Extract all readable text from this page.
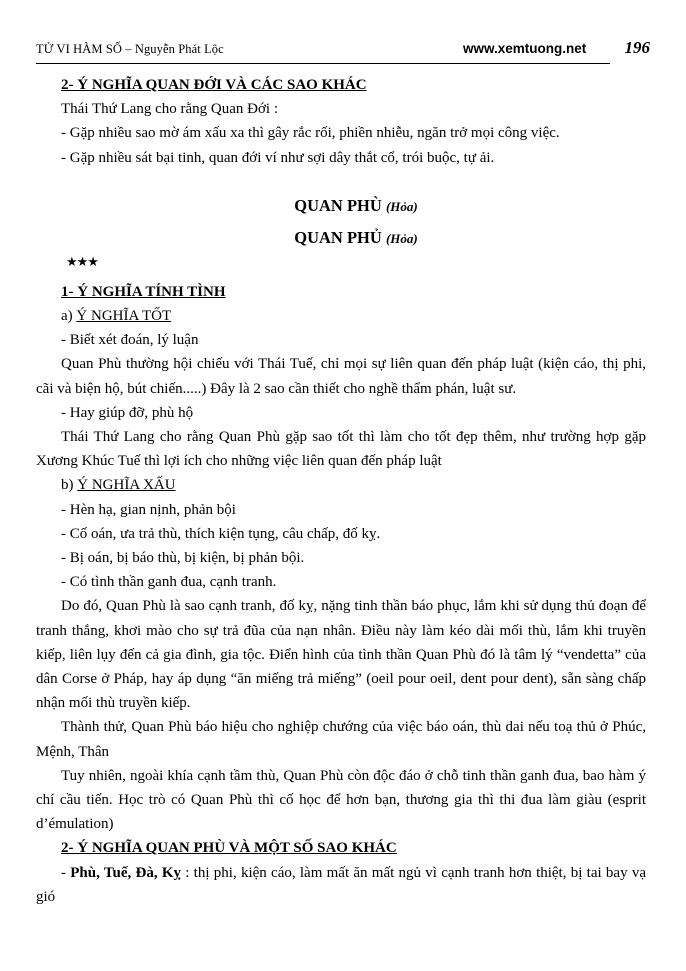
TỬ VI HÀM SỐ – Nguyễn Phát Lộc	www.xemtuong.net 196

2- Ý NGHĨA QUAN ĐỚI VÀ CÁC SAO KHÁC

Thái Thứ Lang cho rằng Quan Đới :

- Gặp nhiều sao mờ ám xấu xa thì gây rắc rối, phiền nhiễu, ngăn trở mọi công việc.

- Gặp nhiều sát bại tinh, quan đới ví như sợi dây thắt cổ, trói buộc, tự ải.

QUAN PHÙ (Hỏa)

QUAN PHỦ (Hỏa)

★★★

1- Ý NGHĨA TÍNH TÌNH

a) Ý NGHĨA TỐT

- Biết xét đoán, lý luận

Quan Phù thường hội chiếu với Thái Tuế, chỉ mọi sự liên quan đến pháp luật (kiện cáo, thị phi, cãi và biện hộ, bút chiến.....) Đây là 2 sao cần thiết cho nghề thẩm phán, luật sư.

- Hay giúp đỡ, phù hộ

Thái Thứ Lang cho rằng Quan Phù gặp sao tốt thì làm cho tốt đẹp thêm, như trường hợp gặp Xương Khúc Tuế thì lợi ích cho những việc liên quan đến pháp luật

b) Ý NGHĨA XẤU

- Hèn hạ, gian nịnh, phản bội

- Cố oán, ưa trả thù, thích kiện tụng, câu chấp, đố kỵ.

- Bị oán, bị báo thù, bị kiện, bị phản bội.

- Có tình thần ganh đua, cạnh tranh.

Do đó, Quan Phù là sao cạnh tranh, đố kỵ, nặng tinh thần báo phục, lắm khi sử dụng thủ đoạn để tranh thắng, khơi mào cho sự trả đũa của nạn nhân. Điều này làm kéo dài mối thù, lắm khi truyền kiếp, liên lụy đến cả gia đình, gia tộc. Điển hình của tình thần Quan Phù đó là tâm lý “vendetta” của dân Corse ở Pháp, hay áp dụng “ăn miếng trả miếng” (oeil pour oeil, dent pour dent), sẵn sàng chấp nhận mối thù truyền kiếp.

Thành thử, Quan Phù báo hiệu cho nghiệp chướng của việc báo oán, thù dai nếu toạ thủ ở Phúc, Mệnh, Thân

Tuy nhiên, ngoài khía cạnh tầm thù, Quan Phù còn độc đáo ở chỗ tinh thần ganh đua, bao hàm ý chí cầu tiến. Học trò có Quan Phù thì cố học để hơn bạn, thương gia thì thi đua làm giàu (esprit d’émulation)

2- Ý NGHĨA QUAN PHÙ VÀ MỘT SỐ SAO KHÁC

- Phù, Tuế, Đà, Kỵ : thị phi, kiện cáo, làm mất ăn mất ngủ vì cạnh tranh hơn thiệt, bị tai bay vạ gió
